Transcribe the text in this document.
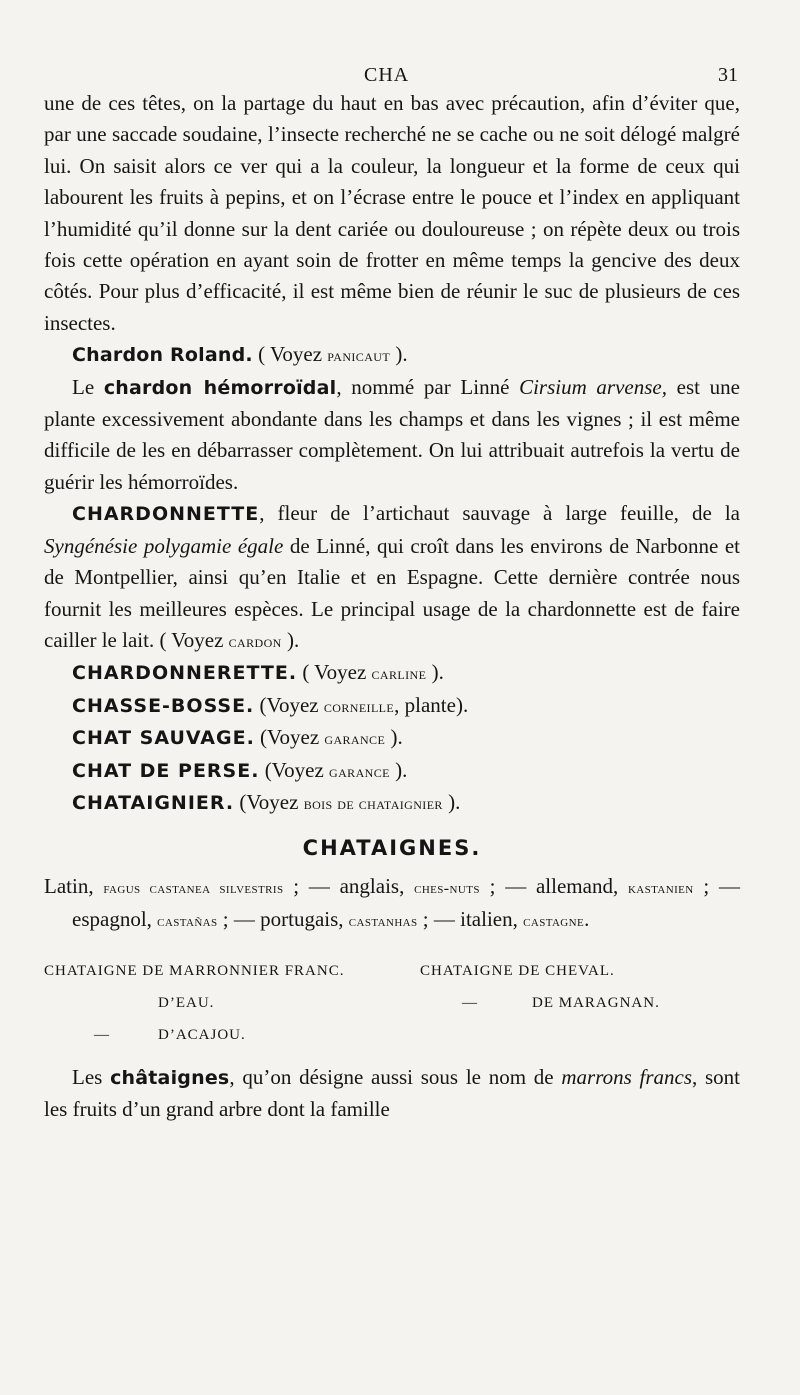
CHA	31

une de ces têtes, on la partage du haut en bas avec précaution, afin d’éviter que, par une saccade soudaine, l’insecte recherché ne se cache ou ne soit délogé malgré lui. On saisit alors ce ver qui a la couleur, la longueur et la forme de ceux qui labourent les fruits à pepins, et on l’écrase entre le pouce et l’index en appliquant l’humidité qu’il donne sur la dent cariée ou douloureuse ; on répète deux ou trois fois cette opération en ayant soin de frotter en même temps la gencive des deux côtés. Pour plus d’efficacité, il est même bien de réunir le suc de plusieurs de ces insectes.

Chardon Roland. ( Voyez panicaut ).

Le chardon hémorroïdal, nommé par Linné Cirsium arvense, est une plante excessivement abondante dans les champs et dans les vignes ; il est même difficile de les en débarrasser complètement. On lui attribuait autrefois la vertu de guérir les hémorroïdes.

CHARDONNETTE, fleur de l’artichaut sauvage à large feuille, de la Syngénésie polygamie égale de Linné, qui croît dans les environs de Narbonne et de Montpellier, ainsi qu’en Italie et en Espagne. Cette dernière contrée nous fournit les meilleures espèces. Le principal usage de la chardonnette est de faire cailler le lait. ( Voyez cardon ).

CHARDONNERETTE. ( Voyez carline ).

CHASSE-BOSSE. (Voyez corneille, plante).

CHAT SAUVAGE. (Voyez garance ).

CHAT DE PERSE. (Voyez garance ).

CHATAIGNIER. (Voyez bois de chataignier ).

CHATAIGNES.

Latin, fagus castanea silvestris ; — anglais, ches-nuts ; — allemand, kastanien ; — espagnol, castañas ; — portugais, castanhas ; — italien, castagne.

CHATAIGNE DE MARRONNIER FRANC.	CHATAIGNE DE CHEVAL.
D’EAU.	—	DE MARAGNAN.
—	D’ACAJOU.

Les châtaignes, qu’on désigne aussi sous le nom de marrons francs, sont les fruits d’un grand arbre dont la famille
